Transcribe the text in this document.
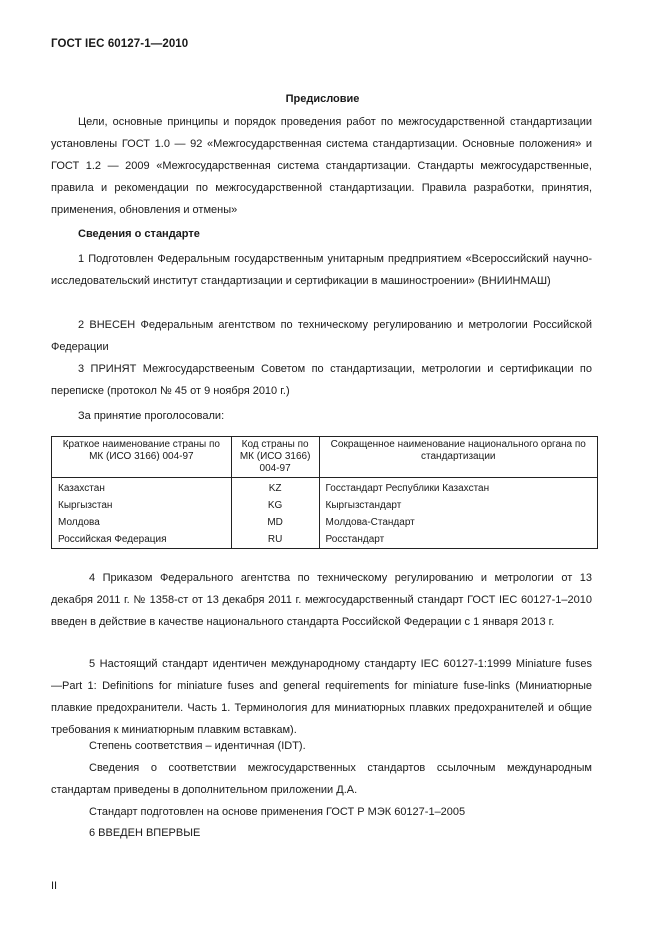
ГОСТ IEC 60127-1—2010
Предисловие

Цели, основные принципы и порядок проведения работ по межгосударственной стандартизации установлены ГОСТ 1.0 — 92 «Межгосударственная система стандартизации. Основные положения» и ГОСТ 1.2 — 2009 «Межгосударственная система стандартизации. Стандарты межгосударственные, правила и рекомендации по межгосударственной стандартизации. Правила разработки, принятия, применения, обновления и отмены»

Сведения о стандарте

1 Подготовлен Федеральным государственным унитарным предприятием «Всероссийский научно-исследовательский институт стандартизации и сертификации в машиностроении» (ВНИИНМАШ)

2 ВНЕСЕН Федеральным агентством по техническому регулированию и метрологии Российской Федерации

3 ПРИНЯТ Межгосударствееным Советом по стандартизации, метрологии и сертификации по переписке (протокол № 45 от 9 ноября 2010 г.)

За принятие проголосовали:
Краткое наименование страны по МК (ИСО 3166) 004-97	Код страны по МК (ИСО 3166) 004-97	Сокращенное наименование национального органа по стандартизации
Казахстан	KZ	Госстандарт Республики Казахстан
Кыргызстан	KG	Кыргызстандарт
Молдова	MD	Молдова-Стандарт
Российская Федерация	RU	Росстандарт

4 Приказом Федерального агентства по техническому регулированию и метрологии от 13 декабря 2011 г. № 1358-ст от 13 декабря 2011 г. межгосударственный стандарт ГОСТ IEC 60127-1–2010 введен в действие в качестве национального стандарта Российской Федерации с 1 января 2013 г.

5 Настоящий стандарт идентичен международному стандарту IEC 60127-1:1999 Miniature fuses —Part 1: Definitions for miniature fuses and general requirements for miniature fuse-links (Миниатюрные плавкие предохранители. Часть 1. Терминология для миниатюрных плавких предохранителей и общие требования к миниатюрным плавким вставкам).

Степень соответствия – идентичная (IDT).

Сведения о соответствии межгосударственных стандартов ссылочным международным стандартам приведены в дополнительном приложении Д.А.

Стандарт подготовлен на основе применения ГОСТ Р МЭК 60127-1–2005

6 ВВЕДЕН ВПЕРВЫЕ

II
